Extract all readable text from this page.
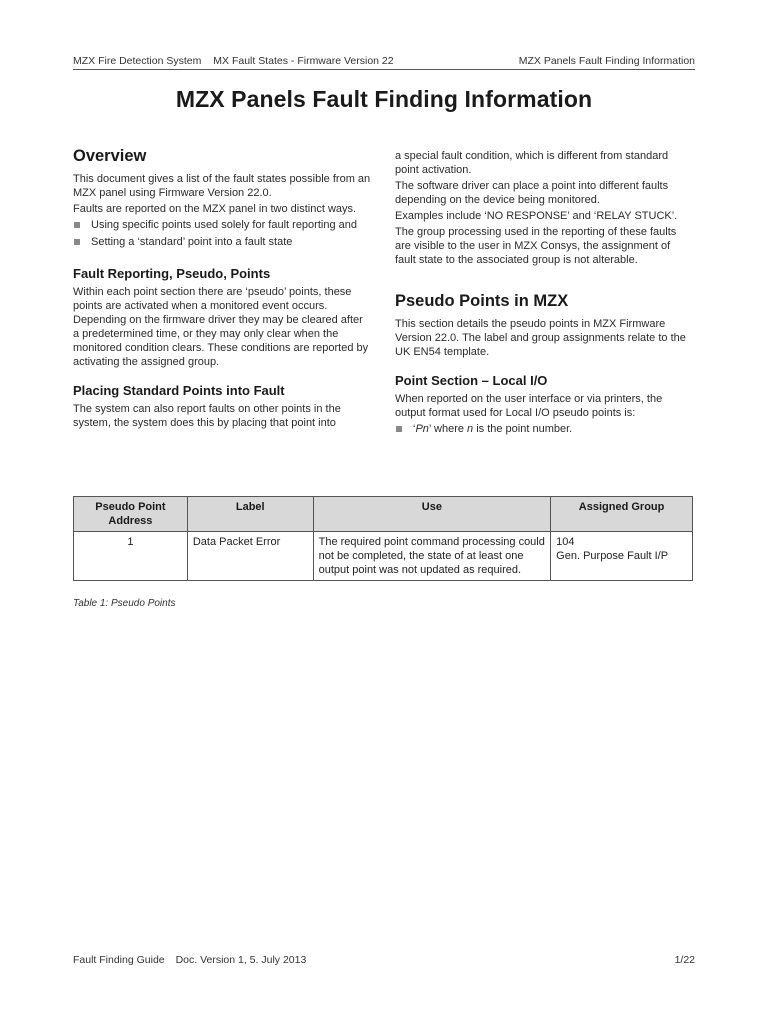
MZX Fire Detection System MX Fault States - Firmware Version 22	MZX Panels Fault Finding Information
MZX Panels Fault Finding Information
Overview

This document gives a list of the fault states possible from an MZX panel using Firmware Version 22.0.

Faults are reported on the MZX panel in two distinct ways.

Using specific points used solely for fault reporting and
Setting a ‘standard’ point into a fault state
Fault Reporting, Pseudo, Points

Within each point section there are ‘pseudo’ points, these points are activated when a monitored event occurs. Depending on the firmware driver they may be cleared after a predetermined time, or they may only clear when the monitored condition clears. These conditions are reported by activating the assigned group.

Placing Standard Points into Fault

The system can also report faults on other points in the system, the system does this by placing that point into

a special fault condition, which is different from standard point activation.

The software driver can place a point into different faults depending on the device being monitored.

Examples include ‘NO RESPONSE’ and ‘RELAY STUCK’.

The group processing used in the reporting of these faults are visible to the user in MZX Consys, the assignment of fault state to the associated group is not alterable.

Pseudo Points in MZX

This section details the pseudo points in MZX Firmware Version 22.0. The label and group assignments relate to the UK EN54 template.

Point Section – Local I/O

When reported on the user interface or via printers, the output format used for Local I/O pseudo points is:

‘Pn’ where n is the point number.
Pseudo Point Address	Label	Use	Assigned Group
1	Data Packet Error	The required point command processing could not be completed, the state of at least one output point was not updated as required.	104
Gen. Purpose Fault I/P
Table 1: Pseudo Points
Fault Finding Guide Doc. Version 1, 5. July 2013	1/22
